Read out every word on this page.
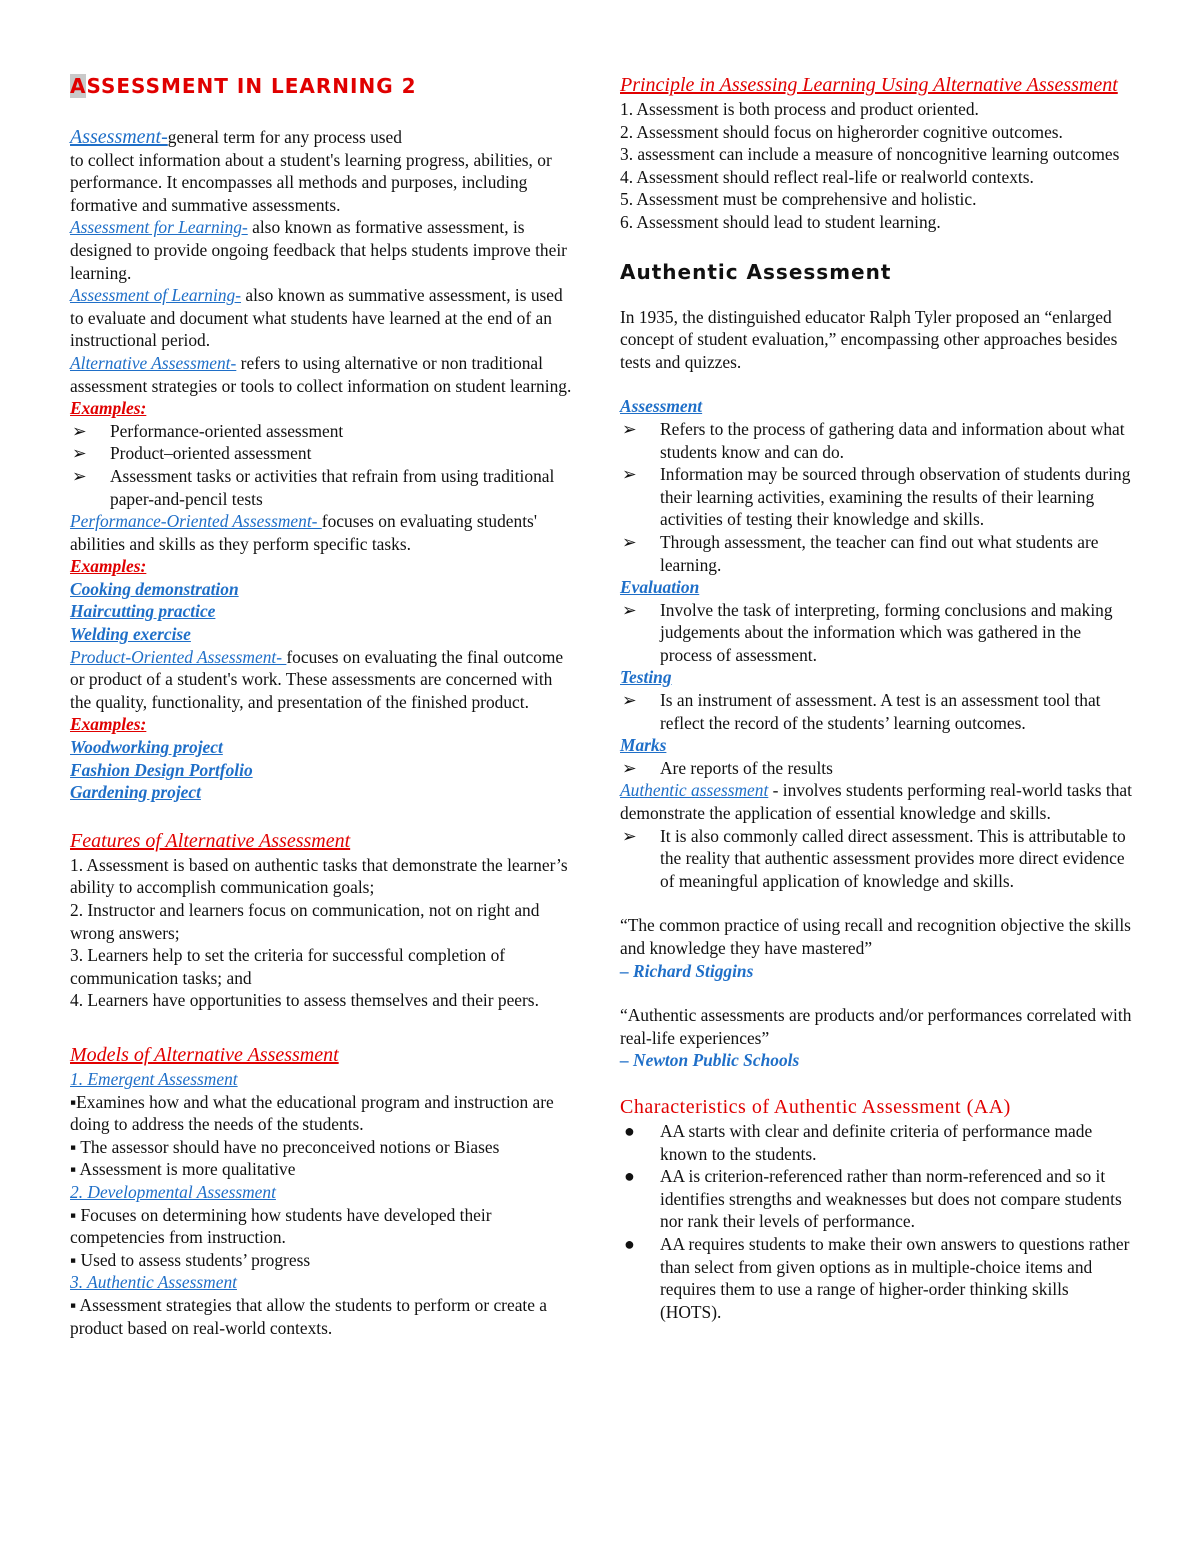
ASSESSMENT IN LEARNING 2

Assessment-general term for any process used

to collect information about a student's learning progress, abilities, or performance. It encompasses all methods and purposes, including formative and summative assessments.

Assessment for Learning- also known as formative assessment, is designed to provide ongoing feedback that helps students improve their learning.

Assessment of Learning- also known as summative assessment, is used to evaluate and document what students have learned at the end of an instructional period.

Alternative Assessment- refers to using alternative or non traditional assessment strategies or tools to collect information on student learning.

Examples:

➢ Performance-oriented assessment
➢ Product–oriented assessment
➢ Assessment tasks or activities that refrain from using traditional paper-and-pencil tests

Performance-Oriented Assessment- focuses on evaluating students' abilities and skills as they perform specific tasks.

Examples:

Cooking demonstration

Haircutting practice

Welding exercise

Product-Oriented Assessment- focuses on evaluating the final outcome or product of a student's work. These assessments are concerned with the quality, functionality, and presentation of the finished product.

Examples:

Woodworking project

Fashion Design Portfolio

Gardening project

Features of Alternative Assessment

1. Assessment is based on authentic tasks that demonstrate the learner’s ability to accomplish communication goals;

2. Instructor and learners focus on communication, not on right and wrong answers;

3. Learners help to set the criteria for successful completion of communication tasks; and

4. Learners have opportunities to assess themselves and their peers.

Models of Alternative Assessment

1. Emergent Assessment

▪Examines how and what the educational program and instruction are doing to address the needs of the students.

▪ The assessor should have no preconceived notions or Biases

▪ Assessment is more qualitative

2. Developmental Assessment

▪ Focuses on determining how students have developed their competencies from instruction.

▪ Used to assess students’ progress

3. Authentic Assessment

▪ Assessment strategies that allow the students to perform or create a product based on real-world contexts.

Principle in Assessing Learning Using Alternative Assessment

1. Assessment is both process and product oriented.

2. Assessment should focus on higherorder cognitive outcomes.

3. assessment can include a measure of noncognitive learning outcomes

4. Assessment should reflect real-life or realworld contexts.

5. Assessment must be comprehensive and holistic.

6. Assessment should lead to student learning.

Authentic Assessment

In 1935, the distinguished educator Ralph Tyler proposed an “enlarged concept of student evaluation,” encompassing other approaches besides tests and quizzes.

Assessment

➢ Refers to the process of gathering data and information about what students know and can do.
➢ Information may be sourced through observation of students during their learning activities, examining the results of their learning activities of testing their knowledge and skills.
➢ Through assessment, the teacher can find out what students are learning.

Evaluation

➢ Involve the task of interpreting, forming conclusions and making judgements about the information which was gathered in the process of assessment.

Testing

➢ Is an instrument of assessment. A test is an assessment tool that reflect the record of the students’ learning outcomes.

Marks

➢ Are reports of the results

Authentic assessment - involves students performing real-world tasks that demonstrate the application of essential knowledge and skills.

➢ It is also commonly called direct assessment. This is attributable to the reality that authentic assessment provides more direct evidence of meaningful application of knowledge and skills.

“The common practice of using recall and recognition objective the skills and knowledge they have mastered”

– Richard Stiggins

“Authentic assessments are products and/or performances correlated with real-life experiences”

– Newton Public Schools

Characteristics of Authentic Assessment (AA)

● AA starts with clear and definite criteria of performance made known to the students.
● AA is criterion-referenced rather than norm-referenced and so it identifies strengths and weaknesses but does not compare students nor rank their levels of performance.
● AA requires students to make their own answers to questions rather than select from given options as in multiple-choice items and requires them to use a range of higher-order thinking skills (HOTS).
